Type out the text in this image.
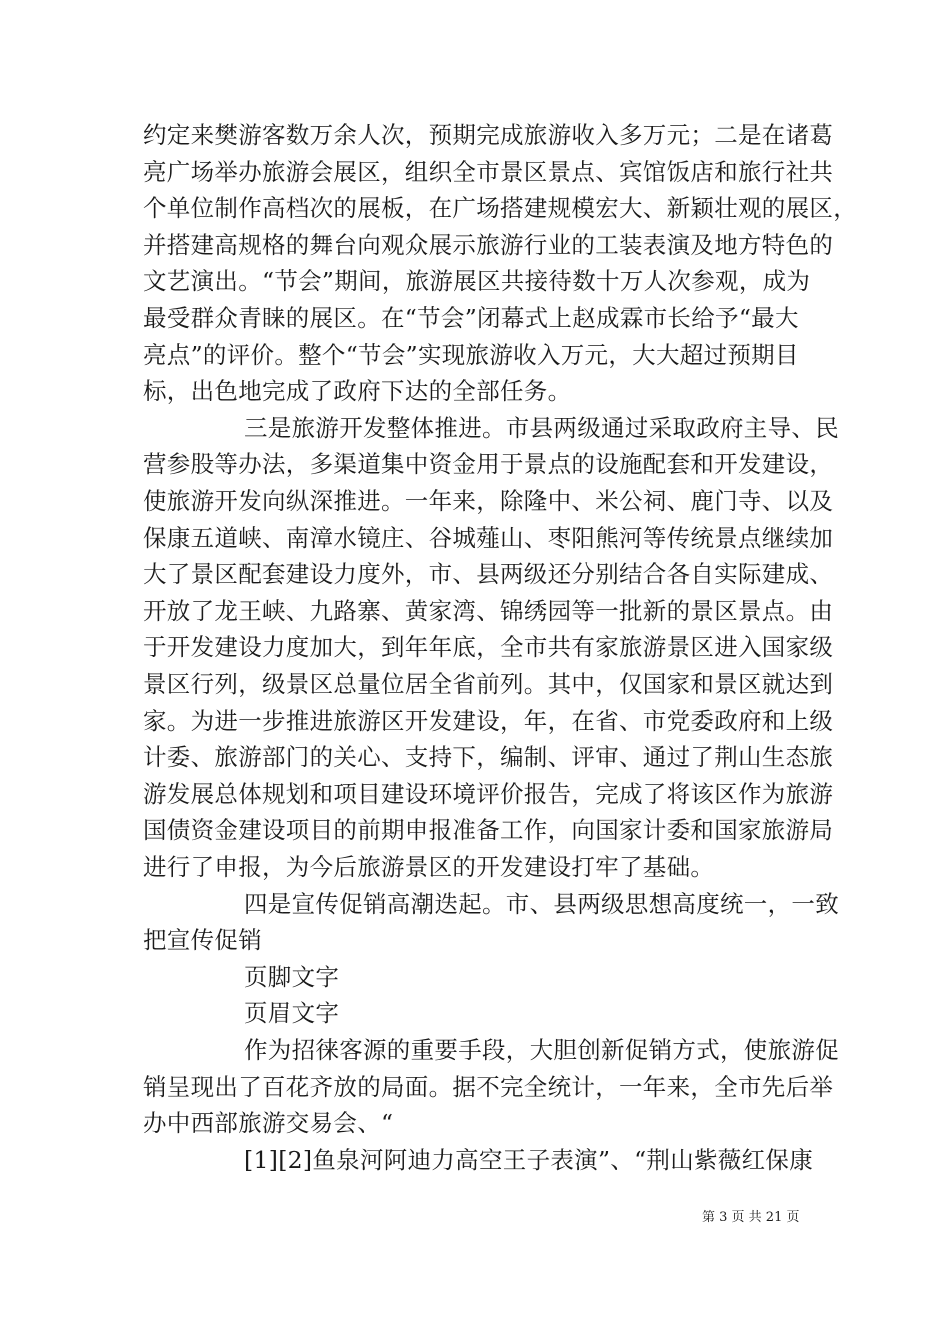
约定来樊游客数万余人次，预期完成旅游收入多万元；二是在诸葛
亮广场举办旅游会展区，组织全市景区景点、宾馆饭店和旅行社共
个单位制作高档次的展板，在广场搭建规模宏大、新颖壮观的展区，
并搭建高规格的舞台向观众展示旅游行业的工装表演及地方特色的
文艺演出。“节会”期间，旅游展区共接待数十万人次参观，成为
最受群众青睐的展区。在“节会”闭幕式上赵成霖市长给予“最大
亮点”的评价。整个“节会”实现旅游收入万元，大大超过预期目
标，出色地完成了政府下达的全部任务。
三是旅游开发整体推进。市县两级通过采取政府主导、民
营参股等办法，多渠道集中资金用于景点的设施配套和开发建设，
使旅游开发向纵深推进。一年来，除隆中、米公祠、鹿门寺、以及
保康五道峡、南漳水镜庄、谷城薤山、枣阳熊河等传统景点继续加
大了景区配套建设力度外，市、县两级还分别结合各自实际建成、
开放了龙王峡、九路寨、黄家湾、锦绣园等一批新的景区景点。由
于开发建设力度加大，到年年底，全市共有家旅游景区进入国家级
景区行列，级景区总量位居全省前列。其中，仅国家和景区就达到
家。为进一步推进旅游区开发建设，年，在省、市党委政府和上级
计委、旅游部门的关心、支持下，编制、评审、通过了荆山生态旅
游发展总体规划和项目建设环境评价报告，完成了将该区作为旅游
国债资金建设项目的前期申报准备工作，向国家计委和国家旅游局
进行了申报，为今后旅游景区的开发建设打牢了基础。
四是宣传促销高潮迭起。市、县两级思想高度统一，一致
把宣传促销
页脚文字
页眉文字
作为招徕客源的重要手段，大胆创新促销方式，使旅游促
销呈现出了百花齐放的局面。据不完全统计，一年来，全市先后举
办中西部旅游交易会、“
[1][2]鱼泉河阿迪力高空王子表演”、“荆山紫薇红保康
第 3 页 共 21 页
